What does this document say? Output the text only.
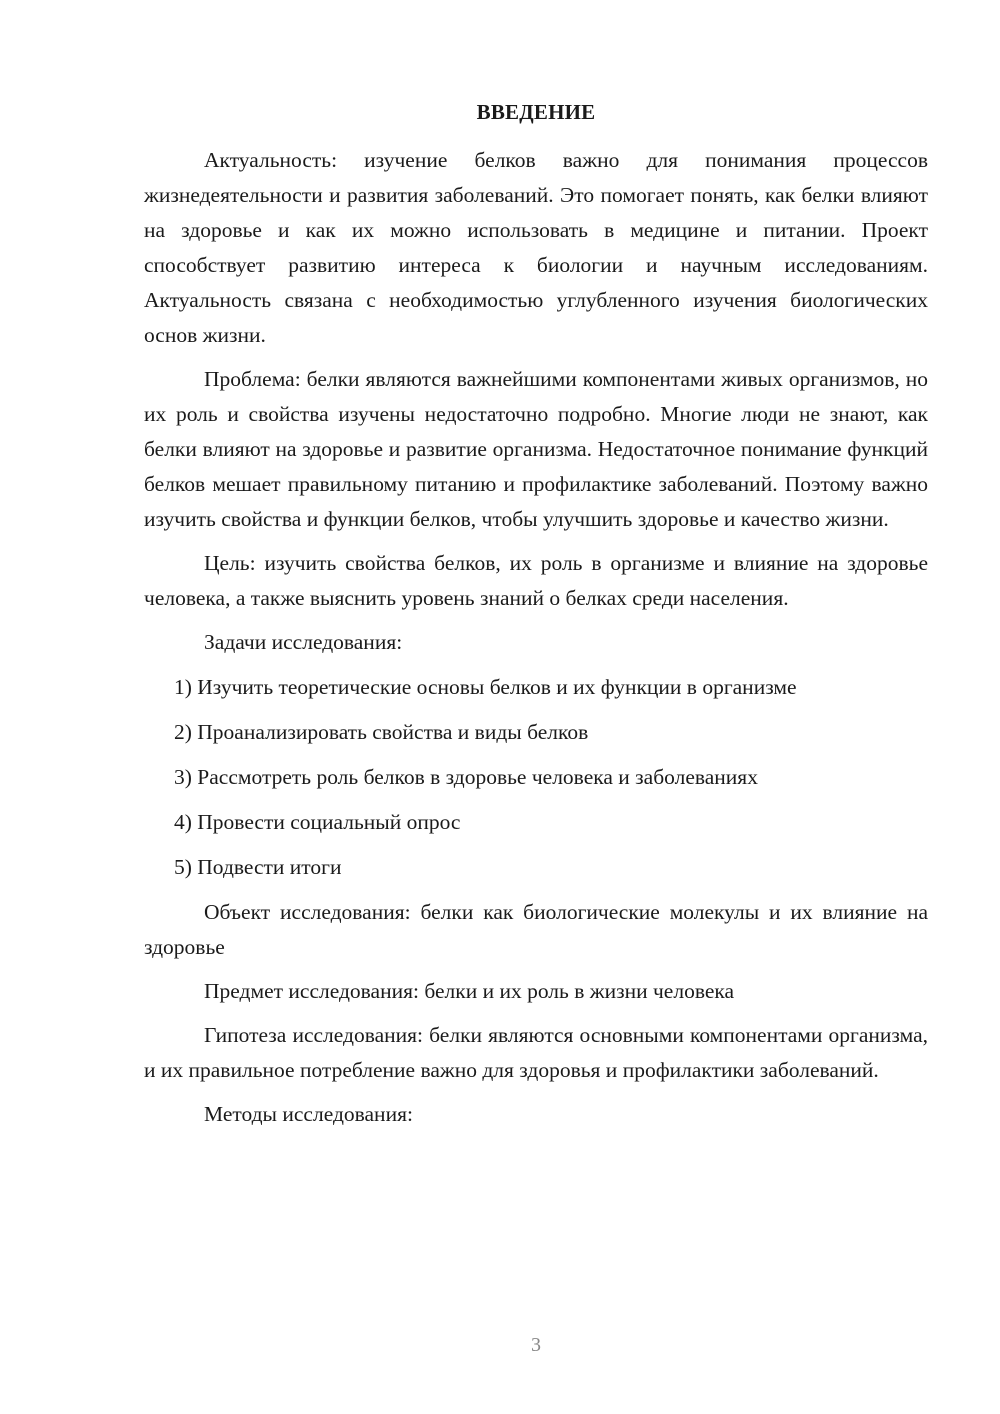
ВВЕДЕНИЕ

Актуальность: изучение белков важно для понимания процессов жизнедеятельности и развития заболеваний. Это помогает понять, как белки влияют на здоровье и как их можно использовать в медицине и питании. Проект способствует развитию интереса к биологии и научным исследованиям. Актуальность связана с необходимостью углубленного изучения биологических основ жизни.

Проблема: белки являются важнейшими компонентами живых организмов, но их роль и свойства изучены недостаточно подробно. Многие люди не знают, как белки влияют на здоровье и развитие организма. Недостаточное понимание функций белков мешает правильному питанию и профилактике заболеваний. Поэтому важно изучить свойства и функции белков, чтобы улучшить здоровье и качество жизни.

Цель: изучить свойства белков, их роль в организме и влияние на здоровье человека, а также выяснить уровень знаний о белках среди населения.

Задачи исследования:

1) Изучить теоретические основы белков и их функции в организме
2) Проанализировать свойства и виды белков
3) Рассмотреть роль белков в здоровье человека и заболеваниях
4) Провести социальный опрос
5) Подвести итоги

Объект исследования: белки как биологические молекулы и их влияние на здоровье

Предмет исследования: белки и их роль в жизни человека

Гипотеза исследования: белки являются основными компонентами организма, и их правильное потребление важно для здоровья и профилактики заболеваний.

Методы исследования:

3
